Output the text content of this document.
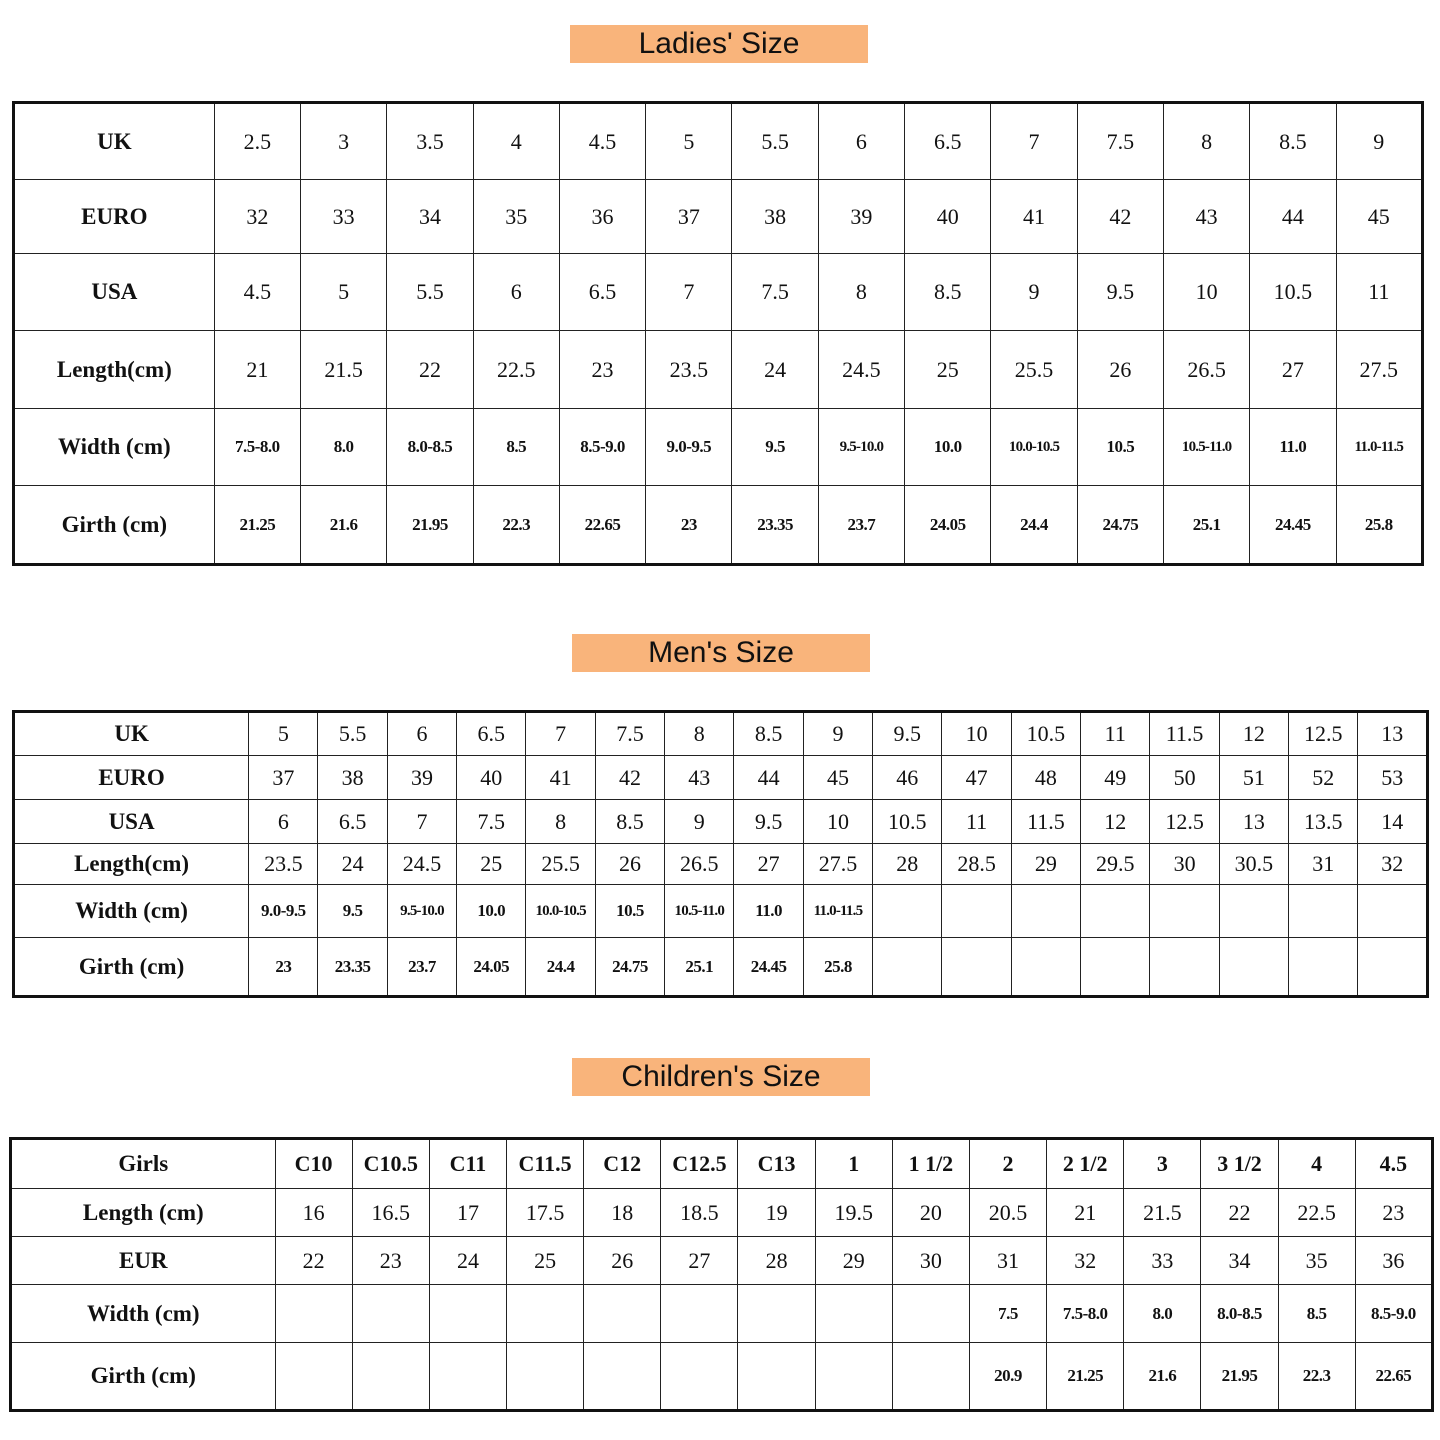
Ladies' Size
UK	2.5	3	3.5	4	4.5	5	5.5	6	6.5	7	7.5	8	8.5	9
EURO	32	33	34	35	36	37	38	39	40	41	42	43	44	45
USA	4.5	5	5.5	6	6.5	7	7.5	8	8.5	9	9.5	10	10.5	11
Length(cm)	21	21.5	22	22.5	23	23.5	24	24.5	25	25.5	26	26.5	27	27.5
Width (cm)	7.5-8.0	8.0	8.0-8.5	8.5	8.5-9.0	9.0-9.5	9.5	9.5-10.0	10.0	10.0-10.5	10.5	10.5-11.0	11.0	11.0-11.5
Girth (cm)	21.25	21.6	21.95	22.3	22.65	23	23.35	23.7	24.05	24.4	24.75	25.1	24.45	25.8
Men's Size
UK	5	5.5	6	6.5	7	7.5	8	8.5	9	9.5	10	10.5	11	11.5	12	12.5	13
EURO	37	38	39	40	41	42	43	44	45	46	47	48	49	50	51	52	53
USA	6	6.5	7	7.5	8	8.5	9	9.5	10	10.5	11	11.5	12	12.5	13	13.5	14
Length(cm)	23.5	24	24.5	25	25.5	26	26.5	27	27.5	28	28.5	29	29.5	30	30.5	31	32
Width (cm)	9.0-9.5	9.5	9.5-10.0	10.0	10.0-10.5	10.5	10.5-11.0	11.0	11.0-11.5								
Girth (cm)	23	23.35	23.7	24.05	24.4	24.75	25.1	24.45	25.8								
Children's Size
Girls	C10	C10.5	C11	C11.5	C12	C12.5	C13	1	1 1/2	2	2 1/2	3	3 1/2	4	4.5
Length (cm)	16	16.5	17	17.5	18	18.5	19	19.5	20	20.5	21	21.5	22	22.5	23
EUR	22	23	24	25	26	27	28	29	30	31	32	33	34	35	36
Width (cm)										7.5	7.5-8.0	8.0	8.0-8.5	8.5	8.5-9.0
Girth (cm)										20.9	21.25	21.6	21.95	22.3	22.65
